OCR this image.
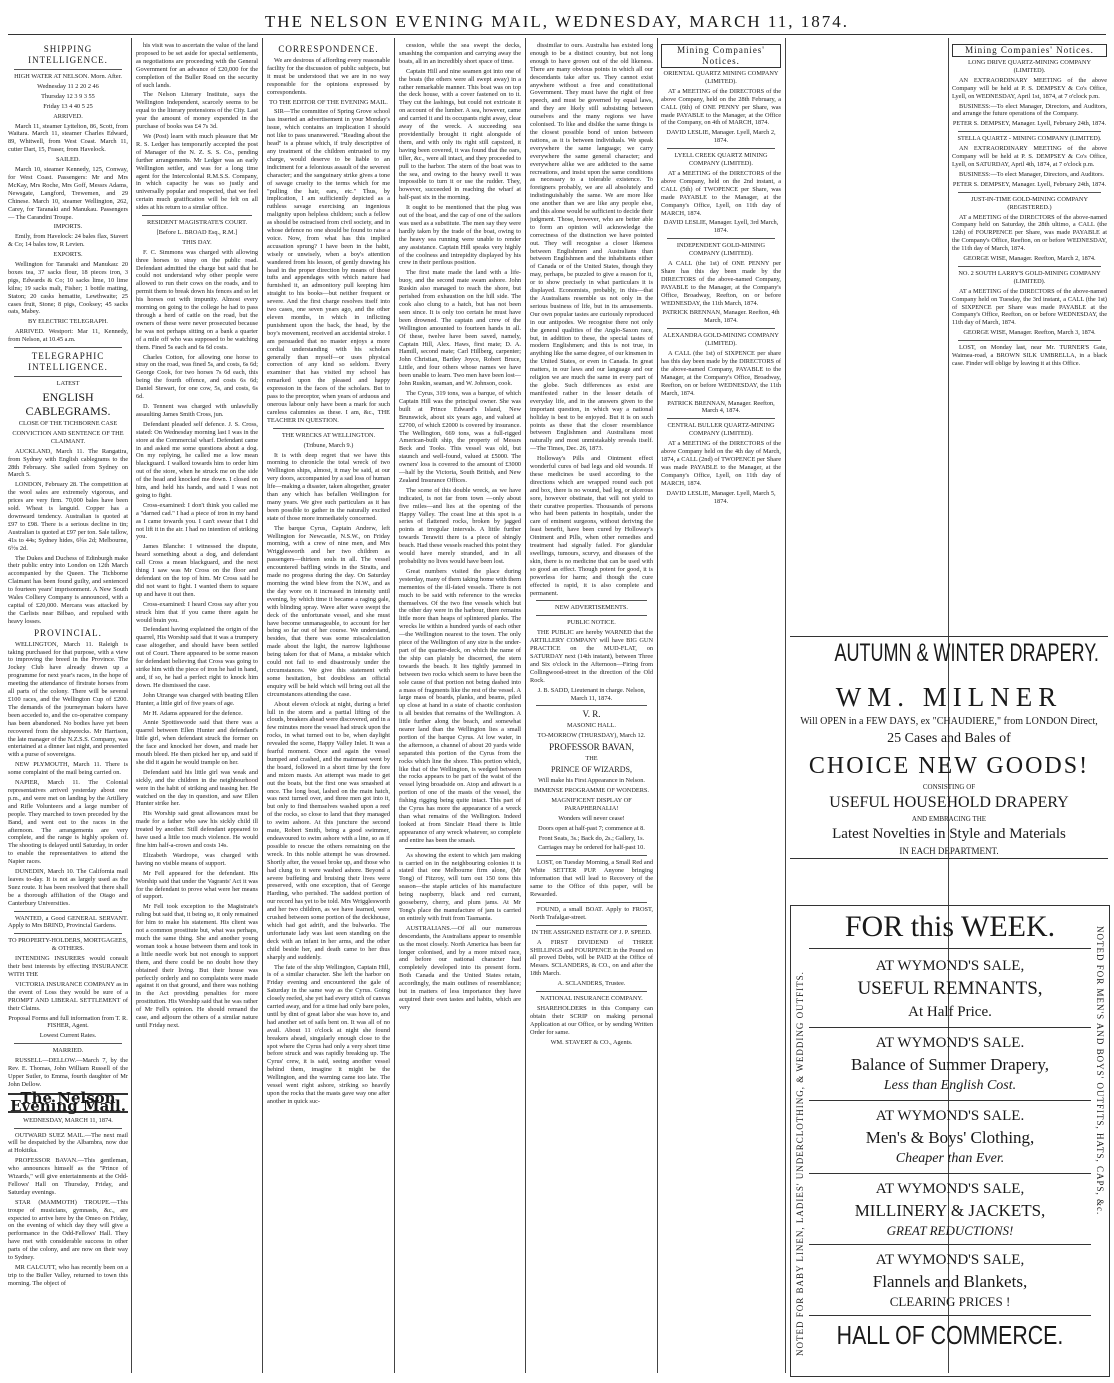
THE NELSON EVENING MAIL, WEDNESDAY, MARCH 11, 1874.
SHIPPING INTELLIGENCE.

HIGH WATER AT NELSON. Morn. After.

Wednesday 11 2 20 2 46

Thursday 12 3 9 3 55

Friday 13 4 40 5 25

ARRIVED.

March 11, steamer Lyttelton, 86, Scott, from Waitara. March 11, steamer Charles Edward, 89, Whitwell, from West Coast. March 11, cutter Dart, 15, Fraser, from Havelock.

SAILED.

March 10, steamer Kennedy, 125, Conway, for West Coast. Passengers: Mr and Mrs McKay, Mrs Roche, Mrs Goff, Messrs Adams, Newsgate, Langford, Trewemen, and 29 Chinese. March 10, steamer Wellington, 262, Carey, for Taranaki and Manukau. Passengers — The Carandini Troupe.

IMPORTS.

Emily, from Havelock: 24 bales flax, Stavert & Co; 14 bales tow, R Levien.

EXPORTS.

Wellington for Taranaki and Manukau: 20 boxes tea, 37 sacks flour, 18 pieces iron, 3 pigs, Edwards & Co; 10 sacks lime, 10 lime kilns; 19 sacks malt, Fisher; 1 bottle matting, Staton; 20 casks hematite, Lewthwaite; 25 cases fruit, Stone; 8 pigs, Cooksey; 45 sacks oats, Mabey.

BY ELECTRIC TELEGRAPH.

ARRIVED. Westport: Mar 11, Kennedy, from Nelson, at 10.45 a.m.

TELEGRAPHIC INTELLIGENCE.

LATEST

ENGLISH CABLEGRAMS.

CLOSE OF THE TICHBORNE CASE

CONVICTION AND SENTENCE OF THE CLAIMANT.

AUCKLAND, March 11. The Rangatira, from Sydney with English cablegrams to the 28th February. She sailed from Sydney on March 5.

LONDON, February 28. The competition at the wool sales are extremely vigorous, and prices are very firm. 70,000 bales have been sold. Wheat is languid. Copper has a downward tendency. Australian is quoted at £97 to £98. There is a serious decline in tin; Australian is quoted at £97 per ton. Sale tallow, 41s to 44s; Sydney hides, 6¾s 2d; Melbourne, 6½s 2d.

The Dukes and Duchess of Edinburgh make their public entry into London on 12th March accompanied by the Queen. The Tichborne Claimant has been found guilty, and sentenced to fourteen years' imprisonment. A New South Wales Colliery Company is announced, with a capital of £20,000. Mercara was attacked by the Carlists near Bilbao, and repulsed with heavy losses.

PROVINCIAL.

WELLINGTON, March 11. Raleigh is taking purchased for that purpose, with a view to improving the breed in the Province. The Jockey Club have already drawn up a programme for next year's races, in the hope of meeting the attendance of firstrate horses from all parts of the colony. There will be several £100 races, and the Wellington Cup of £200. The demands of the journeyman bakers have been acceded to, and the co-operative company has been abandoned. No bodies have yet been recovered from the shipwrecks. Mr Harrison, the late manager of the N.Z.S.S. Company, was entertained at a dinner last night, and presented with a purse of sovereigns.

NEW PLYMOUTH, March 11. There is some complaint of the mail being carried on.

NAPIER, March 11. The Colonial representatives arrived yesterday about one p.m., and were met on landing by the Artillery and Rifle Volunteers and a large number of people. They marched to town preceded by the Band, and went out to the races in the afternoon. The arrangements are very complete, and the range is highly spoken of. The shooting is delayed until Saturday, in order to enable the representatives to attend the Napier races.

DUNEDIN, March 10. The California mail leaves to-day. It is not as largely used as the Suez route. It has been resolved that there shall be a thorough affiliation of the Otago and Canterbury Universities.

WANTED, a Good GENERAL SERVANT. Apply to Mrs BRIND, Provincial Gardens.

TO PROPERTY-HOLDERS, MORTGAGEES, & OTHERS.

INTENDING INSURERS would consult their best interests by effecting INSURANCE WITH THE

VICTORIA INSURANCE COMPANY as in the event of Loss they would be sure of a PROMPT AND LIBERAL SETTLEMENT of their Claims.

Proposal Forms and full information from T. R. FISHER, Agent.

Lowest Current Rates.

MARRIED.

RUSSELL—DELLOW.—March 7, by the Rev. E. Thomas, John William Russell of the Upper Sutler, to Emma, fourth daughter of Mr John Dellow.

The Nelson Evening Mail.

WEDNESDAY, MARCH 11, 1874.

OUTWARD SUEZ MAIL.—The next mail will be despatched by the Albambra, now due at Hokitika.

PROFESSOR BAVAN.—This gentleman, who announces himself as the "Prince of Wizards," will give entertainments at the Odd-Fellows' Hall on Thursday, Friday, and Saturday evenings.

STAR (MAMMOTH) TROUPE.—This troupe of musicians, gymnasts, &c., are expected to arrive here by the Omeo on Friday, on the evening of which day they will give a performance in the Odd-Fellows' Hall. They have met with considerable success in other parts of the colony, and are now on their way to Sydney.

MR CALCUTT, who has recently been on a trip to the Buller Valley, returned to town this morning. The object of

his visit was to ascertain the value of the land proposed to be set aside for special settlements, as negotiations are proceeding with the General Government for an advance of £20,000 for the completion of the Buller Road on the security of such lands.

The Nelson Literary Institute, says the Wellington Independent, scarcely seems to be equal to the literary pretensions of the City. Last year the amount of money expended in the purchase of books was £4 7s 3d.

We (Post) learn with much pleasure that Mr R. S. Ledger has temporarily accepted the post of Manager of the N. Z. S. S. Co., pending further arrangements. Mr Ledger was an early Wellington settler, and was for a long time agent for the Intercolonial R.M.S.S. Company, in which capacity he was so justly and universally popular and respected, that we feel certain much gratification will be felt on all sides at his return to a similar office.

RESIDENT MAGISTRATE'S COURT.

[Before L. BROAD Esq., R.M.]

THIS DAY.

F. C. Simmons was charged with allowing three horses to stray on the public road. Defendant admitted the charge but said that he could not understand why other people were allowed to run their cows on the roads, and to permit them to break down his fences and so let his horses out with impunity. Almost every morning on going to the college he had to pass through a herd of cattle on the road, but the owners of these were never prosecuted because he was not perhaps sitting on a bank a quarter of a mile off who was supposed to be watching them. Fined 5s each and 6s 6d costs.

Charles Cotton, for allowing one horse to stray on the road, was fined 5s, and costs, 6s 6d; George Cook, for two horses 7s 6d each, this being the fourth offence, and costs 6s 6d; Daniel Stewart, for one cow, 5s, and costs, 6s 6d.

D. Tennent was charged with unlawfully assaulting James Smith Cross, jun.

Defendant pleaded self defence. J. S. Cross, stated: On Wednesday morning last I was in the store at the Commercial wharf. Defendant came in and asked me some questions about a dog. On my replying, he called me a low mean blackguard. I walked towards him to order him out of the store, when he struck me on the side of the head and knocked me down. I closed on him, and held his hands, and said I was not going to fight.

Cross-examined: I don't think you called me a "darned cad." I had a piece of iron in my hand as I came towards you. I can't swear that I did not lift it in the air. I had no intention of striking you.

James Blanche: I witnessed the dispute, heard something about a dog, and defendant call Cross a mean blackguard, and the next thing I saw was Mr Cross on the floor and defendant on the top of him. Mr Cross said he did not want to fight. I wanted them to square up and have it out then.

Cross-examined: I heard Cross say after you struck him that if you came there again he would brain you.

Defendant having explained the origin of the quarrel, His Worship said that it was a trumpery case altogether, and should have been settled out of Court. There appeared to be some reason for defendant believing that Cross was going to strike him with the piece of iron he had in hand, and, if so, he had a perfect right to knock him down. He dismissed the case.

John Utrange was charged with beating Ellen Hunter, a little girl of five years of age.

Mr H. Adams appeared for the defence.

Annie Spottiswoode said that there was a quarrel between Ellen Hunter and defendant's little girl, when defendant struck the former on the face and knocked her down, and made her mouth bleed. He then picked her up, and said if she did it again he would trample on her.

Defendant said his little girl was weak and sickly, and the children in the neighbourhood were in the habit of striking and teasing her. He watched on the day in question, and saw Ellen Hunter strike her.

His Worship said great allowances must be made for a father who saw his sickly child ill treated by another. Still defendant appeared to have used a little too much violence. He would fine him half-a-crown and costs 14s.

Elizabeth Wardrope, was charged with having no visible means of support.

Mr Fell appeared for the defendant. His Worship said that under the Vagrants' Act it was for the defendant to prove what were her means of support.

Mr Fell took exception to the Magistrate's ruling but said that, it being so, it only remained for him to make his statement. His client was not a common prostitute but, what was perhaps, much the same thing. She and another young woman took a house between them and took in a little needle work but not enough to support them, and there could be no doubt how they obtained their living. But their house was perfectly orderly and no complaints were made against it on that ground, and there was nothing in the Act providing penalties for more prostitution. His Worship said that he was rather of Mr Fell's opinion. He should remand the case, and adjourn the others of a similar nature until Friday next.

CORRESPONDENCE.

We are desirous of affording every reasonable facility for the discussion of public subjects, but it must be understood that we are in no way responsible for the opinions expressed by correspondents.

TO THE EDITOR OF THE EVENING MAIL.

SIR—The committee of Spring Grove school has inserted an advertisement in your Monday's issue, which contains an implication I should not like to pass unanswered. "Reading about the head" is a phrase which, if truly descriptive of any treatment of the children entrusted to my charge, would deserve to be liable to an indictment for a felonious assault of the severest character; and the sanguinary strike gives a tone of savage cruelty to the terms which for me "pulling the hair, ears, etc." Thus, by implication, I am sufficiently depicted as a ruthless savage exercising an ingenious malignity upon helpless children; such a fellow as should be ostracised from civil society, and in whose defence no one should be found to raise a voice. Now, from what has this implied accusation sprung? I have been in the habit, wisely or unwisely, when a boy's attention wandered from his lesson, of gently drawing his head in the proper direction by means of those tufts and appendages with which nature had furnished it, an admonitory pull keeping him straight to his books—but neither frequent or severe. And the first charge resolves itself into two cases, one seven years ago, and the other eleven months, in which in inflicting punishment upon the back, the head, by the boy's movement, received an accidental stroke. I am persuaded that no master enjoys a more cordial understanding with his scholars generally than myself—or uses physical correction of any kind so seldom. Every examiner that has visited my school has remarked upon the pleased and happy expression in the faces of the scholars. But to pass to the preceptor, when years of arduous and onerous labour only have been a mark for such careless calumnies as these. I am, &c., THE TEACHER IN QUESTION.

THE WRECKS AT WELLINGTON.

(Tribune, March 9.)

It is with deep regret that we have this morning to chronicle the total wreck of two Wellington ships, almost, it may be said, at our very doors, accompanied by a sad loss of human life—making a disaster, taken altogether, greater than any which has befallen Wellington for many years. We give such particulars as it has been possible to gather in the naturally excited state of those more immediately concerned.

The barque Cyrus, Captain Andrew, left Wellington for Newcastle, N.S.W., on Friday morning, with a crew of nine men, and Mrs Wrigglesworth and her two children as passengers—thirteen souls in all. The vessel encountered baffling winds in the Straits, and made no progress during the day. On Saturday morning the wind blew from the N.W., and as the day wore on it increased in intensity until evening, by which time it became a raging gale, with blinding spray. Wave after wave swept the deck of the unfortunate vessel, and she must have become unmanageable, to account for her being so far out of her course. We understand, besides, that there was some miscalculation made about the light, the narrow lighthouse being taken for that of Mana, a mistake which could not fail to end disastrously under the circumstances. We give this statement with some hesitation, but doubtless an official enquiry will be held which will bring out all the circumstances attending the case.

About eleven o'clock at night, during a brief lull in the storm and a partial lifting of the clouds, breakers ahead were discovered, and in a few minutes more the vessel had struck upon the rocks, in what turned out to be, when daylight revealed the scene, Happy Valley Inlet. It was a fearful moment. Once and again the vessel bumped and crashed, and the mainmast went by the board, followed in a short time by the fore and mizen masts. An attempt was made to get out the boats, but the first one was smashed at once. The long boat, lashed on the main hatch, was next turned over, and three men got into it, but only to find themselves washed upon a reef of the rocks, so close to land that they managed to swim ashore. At this juncture the second mate, Robert Smith, being a good swimmer, endeavoured to swim ashore with a line, so as if possible to rescue the others remaining on the wreck. In this noble attempt he was drowned. Shortly after, the vessel broke up, and those who had clung to it were washed ashore. Beyond a severe buffeting and bruising their lives were preserved, with one exception, that of George Harding, who perished. The saddest portion of our record has yet to be told. Mrs Wrigglesworth and her two children, as we have learned, were crushed between some portion of the deckhouse, which had got adrift, and the bulwarks. The unfortunate lady was last seen standing on the deck with an infant in her arms, and the other child beside her, and death came to her thus sharply and suddenly.

The fate of the ship Wellington, Captain Hill, is of a similar character. She left the harbor on Friday evening and encountered the gale of Saturday in the same way as the Cyrus. Going closely reefed, she yet had every stitch of canvas carried away, and for a time had only bare poles, until by dint of great labor she was hove to, and had another set of sails bent on. It was all of no avail. About 11 o'clock at night she found breakers ahead, singularly enough close to the spot where the Cyrus had only a very short time before struck and was rapidly breaking up. The Cyrus' crew, it is said, seeing another vessel behind them, imagine it might be the Wellington, and the warning came too late. The vessel went right ashore, striking so heavily upon the rocks that the masts gave way one after another in quick suc-

cession, while the sea swept the decks, smashing the companion and carrying away the boats, all in an incredibly short space of time.

Captain Hill and nine seamen got into one of the boats (the others were all swept away) in a rather remarkable manner. This boat was on top the deck house, with a cover fastened on to it. They cut the lashings, but could not extricate it on account of the lumber. A sea, however, came and carried it and its occupants right away, clear away of the wreck. A succeeding sea providentially brought it right alongside of them, and with only its right still capsized, it having been covered, it was found that the oars, tiller, &c., were all intact, and they proceeded to pull to the harbor. The stern of the boat was to the sea, and owing to the heavy swell it was impossible to turn it or use the rudder. They, however, succeeded in reaching the wharf at half-past six in the morning.

It ought to be mentioned that the plug was out of the boat, and the cap of one of the sailors was used as a substitute. The men say they were hardly taken by the trade of the boat, owing to the heavy sea running were unable to render any assistance. Captain Hill speaks very highly of the coolness and intrepidity displayed by his crew in their perilous position.

The first mate made the land with a life-buoy, and the second mate swam ashore. John Ruskin also managed to reach the shore, but perished from exhaustion on the hill side. The cook also clung to a hatch, but has not been seen since. It is only too certain he must have been drowned. The captain and crew of the Wellington amounted to fourteen hands in all. Of these, twelve have been saved, namely, Captain Hill, Alex. Haws, first mate; D. A. Hamill, second mate; Carl Hillberg, carpenter; John Christian, Bartley Joyce, Robert Bruce, Little, and four others whose names we have been unable to learn. Two men have been lost—John Ruskin, seaman, and W. Johnson, cook.

The Cyrus, 319 tons, was a barque, of which Captain Hill was the principal owner. She was built at Prince Edward's Island, New Brunswick, about six years ago, and valued at £2700, of which £2000 is covered by insurance. The Wellington, 669 tons, was a full-rigged American-built ship, the property of Messrs Beck and Tooks. This vessel was old, but staunch and well-found, valued at £5000. The owners' loss is covered to the amount of £3000—half by the Victoria, South British, and New Zealand Insurance Offices.

The scene of this double wreck, as we have indicated, is not far from town —only about five miles—and lies at the opening of the Happy Valley. The coast line at this spot is a series of flattened rocks, broken by jagged points at irregular intervals. A little further towards Terawiti there is a piece of shingly beach. Had these vessels reached this point they would have merely stranded, and in all probability no lives would have been lost.

Great numbers visited the place during yesterday, many of them taking home with them mementos of the ill-fated vessels. There is not much to be said with reference to the wrecks themselves. Of the two fine vessels which but the other day were in the harbour, there remains little more than heaps of splintered planks. The wrecks lie within a hundred yards of each other—the Wellington nearest to the town. The only piece of the Wellington of any size is the under-part of the quarter-deck, on which the name of the ship can plainly be discerned, the stern towards the beach. It lies tightly jammed in between two rocks which seem to have been the sole cause of that portion not being dashed into a mass of fragments like the rest of the vessel. A large mass of boards, planks, and beams, piled up close at hand in a state of chaotic confusion is all besides that remains of the Wellington. A little further along the beach, and somewhat nearer land than the Wellington lies a small portion of the barque Cyrus. At low water, in the afternoon, a channel of about 20 yards wide separated this portion of the Cyrus from the rocks which line the shore. This portion which, like that of the Wellington, is wedged between the rocks appears to be part of the waist of the vessel lying broadside on. Atop and athwart is a portion of one of the masts of the vessel, the fishing rigging being quite intact. This part of the Cyrus has more the appearance of a wreck than what remains of the Wellington. Indeed looked at from Sinclair Head there is little appearance of any wreck whatever, so complete and entire has been the smash.

As showing the extent to which jam making is carried on in the neighbouring colonies it is stated that one Melbourne firm alone, (Mr Tong) of Fitzroy, will turn out 150 tons this season—the staple articles of his manufacture being raspberry, black and red currant, gooseberry, cherry, and plum jams. At Mr Tong's place the manufacture of jam is carried on entirely with fruit from Tasmania.

AUSTRALIANS.—Of all our numerous descendants, the Australians appear to resemble us the most closely. North America has been far longer colonised, and by a more mixed race, and before our national character had completely developed into its present form. Both Canada and the United States retain, accordingly, the main outlines of resemblance; but in matters of less importance they have acquired their own tastes and habits, which are very

dissimilar to ours. Australia has existed long enough to be a distinct country, but not long enough to have grown out of the old likeness. There are many obvious points in which all our descendants take after us. They cannot exist anywhere without a free and constitutional Government. They must have the right of free speech, and must be governed by equal laws, and they are likely still subsisting between ourselves and the many regions we have colonised. To like and dislike the same things is the closest possible bond of union between nations, as it is between individuals. We speak everywhere the same language; we carry everywhere the same general character; and everywhere alike we are addicted to the same recreations, and insist upon the same conditions as necessary to a tolerable existence. To foreigners probably, we are all absolutely and indistinguishably the same. We are more like one another than we are like any people else, and this alone would be sufficient to decide their judgment. Those, however, who are better able to form an opinion will acknowledge the correctness of the distinction we have pointed out. They will recognise a closer likeness between Englishmen and Australians than between Englishmen and the inhabitants either of Canada or of the United States, though they may, perhaps, be puzzled to give a reason for it, or to show precisely in what particulars it is displayed. Economists, probably, in this—that the Australians resemble us not only in the serious business of life, but in its amusements. Our own popular tastes are curiously reproduced in our antipodes. We recognise there not only the general qualities of the Anglo-Saxon race, but, in addition to these, the special tastes of modern Englishmen; and this is not true, in anything like the same degree, of our kinsmen in the United States, or even in Canada. In great matters, in our laws and our language and our religion we are much the same in every part of the globe. Such differences as exist are manifested rather in the lesser details of everyday life, and in the answers given to the important question, in which way a national holiday is best to be enjoyed. But it is on such points as these that the closer resemblance between Englishmen and Australians most naturally and most unmistakably reveals itself.—The Times, Dec. 26, 1873.

Holloway's Pills and Ointment effect wonderful cures of bad legs and old wounds. If these medicines be used according to the directions which are wrapped round each pot and box, there is no wound, bad leg, or ulcerous sore, however obstinate, that will not yield to their curative properties. Thousands of persons who had been patients in hospitals, under the care of eminent surgeons, without deriving the least benefit, have been cured by Holloway's Ointment and Pills, when other remedies and treatment had signally failed. For glandular swellings, tumours, scurvy, and diseases of the skin, there is no medicine that can be used with so good an effect. Though potent for good, it is powerless for harm; and though the cure effected is rapid, it is also complete and permanent.

NEW ADVERTISEMENTS.

PUBLIC NOTICE.

THE PUBLIC are hereby WARNED that the ARTILLERY COMPANY will have BIG GUN PRACTICE on the MUD-FLAT, on SATURDAY next (14th instant), between Three and Six o'clock in the Afternoon—Firing from Collingwood-street in the direction of the Old Rock.

J. B. SADD, Lieutenant in charge. Nelson, March 11, 1874.

V. R.

MASONIC HALL.

TO-MORROW (THURSDAY), March 12.

PROFESSOR BAVAN,

THE

PRINCE OF WIZARDS,

Will make his First Appearance in Nelson.

IMMENSE PROGRAMME OF WONDERS.

MAGNIFICENT DISPLAY OF PARAPHERNALIA!

Wonders will never cease!

Doors open at half-past 7; commence at 8.

Front Seats, 3s.; Back do, 2s.; Gallery, 1s.

Carriages may be ordered for half-past 10.

LOST, on Tuesday Morning, a Small Red and White SETTER PUP. Anyone bringing information that will lead to Recovery of the same to the Office of this paper, will be Rewarded.

FOUND, a small BOAT. Apply to FROST, North Trafalgar-street.

IN THE ASSIGNED ESTATE OF J. P. SPEED.

A FIRST DIVIDEND of THREE SHILLINGS and FOURPENCE in the Pound on all proved Debts, will be PAID at the Office of Messrs. SCLANDERS, & CO., on and after the 18th March.

A. SCLANDERS, Trustee.

NATIONAL INSURANCE COMPANY.

SHAREHOLDERS in this Company can obtain their SCRIP on making personal Application at our Office, or by sending Written Order for same.

WM. STAVERT & CO., Agents.

Mining Companies' Notices.

ORIENTAL QUARTZ MINING COMPANY (LIMITED).

AT a MEETING of the DIRECTORS of the above Company, held on the 28th February, a CALL (6th) of ONE PENNY per Share, was made PAYABLE to the Manager, at the Office of the Company, on 4th of MARCH, 1874.

DAVID LESLIE, Manager. Lyell, March 2, 1874.

LYELL CREEK QUARTZ MINING COMPANY (LIMITED).

AT a MEETING of the DIRECTORS of the above Company, held on the 2nd instant, a CALL (5th) of TWOPENCE per Share, was made PAYABLE to the Manager, at the Company's Office, Lyell, on 11th day of MARCH, 1874.

DAVID LESLIE, Manager. Lyell, 3rd March, 1874.

INDEPENDENT GOLD-MINING COMPANY (LIMITED).

A CALL (the 1st) of ONE PENNY per Share has this day been made by the DIRECTORS of the above-named Company, PAYABLE to the Manager, at the Company's Office, Broadway, Reefton, on or before WEDNESDAY, the 11th March, 1874.

PATRICK BRENNAN, Manager. Reefton, 4th March, 1874.

ALEXANDRA GOLD-MINING COMPANY (LIMITED).

A CALL (the 1st) of SIXPENCE per share has this day been made by the DIRECTORS of the above-named Company, PAYABLE to the Manager, at the Company's Office, Broadway, Reefton, on or before WEDNESDAY, the 11th March, 1874.

PATRICK BRENNAN, Manager. Reefton, March 4, 1874.

CENTRAL BULLER QUARTZ-MINING COMPANY (LIMITED).

AT a MEETING of the DIRECTORS of the above Company held on the 4th day of March, 1874, a CALL (2nd) of TWOPENCE per Share was made PAYABLE to the Manager, at the Company's Office, Lyell, on 11th day of MARCH, 1874.

DAVID LESLIE, Manager. Lyell, March 5, 1874.

Mining Companies' Notices.

LONG DRIVE QUARTZ-MINING COMPANY (LIMITED).

AN EXTRAORDINARY MEETING of the above Company will be held at P. S. DEMPSEY & Co's Office, Lyell, on WEDNESDAY, April 1st, 1874, at 7 o'clock p.m.

BUSINESS:—To elect Manager, Directors, and Auditors, and arrange the future operations of the Company.

PETER S. DEMPSEY, Manager. Lyell, February 24th, 1874.

STELLA QUARTZ - MINING COMPANY (LIMITED).

AN EXTRAORDINARY MEETING of the above Company will be held at P. S. DEMPSEY & Co's Office, Lyell, on SATURDAY, April 4th, 1874, at 7 o'clock p.m.

BUSINESS:—To elect Manager, Directors, and Auditors.

PETER S. DEMPSEY, Manager. Lyell, February 24th, 1874.

JUST-IN-TIME GOLD-MINING COMPANY (REGISTERED.)

AT a MEETING of the DIRECTORS of the above-named Company held on Saturday, the 28th ultimo, a CALL (the 12th) of FOURPENCE per Share, was made PAYABLE at the Company's Office, Reefton, on or before WEDNESDAY, the 11th day of March, 1874.

GEORGE WISE, Manager. Reefton, March 2, 1874.

NO. 2 SOUTH LARRY'S GOLD-MINING COMPANY (LIMITED).

AT a MEETING of the DIRECTORS of the above-named Company held on Tuesday, the 3rd instant, a CALL (the 1st) of SIXPENCE per Share was made PAYABLE at the Company's Office, Reefton, on or before WEDNESDAY, the 11th day of March, 1874.

GEORGE WISE, Manager. Reefton, March 3, 1874.

LOST, on Monday last, near Mr. TURNER'S Gate, Waimea-road, a BROWN SILK UMBRELLA, in a black case. Finder will oblige by leaving it at this Office.

AUTUMN & WINTER DRAPERY.
WM. MILNER
Will OPEN in a FEW DAYS, ex "CHAUDIERE," from LONDON Direct,
25 Cases and Bales of
CHOICE NEW GOODS!
CONSISTING OF
USEFUL HOUSEHOLD DRAPERY
AND EMBRACING THE
Latest Novelties in Style and Materials
IN EACH DEPARTMENT.
NOTED FOR BABY LINEN, LADIES' UNDERCLOTHING, & WEDDING OUTFITS.	NOTED FOR MEN'S AND BOYS' OUTFITS, HATS, CAPS, &c.
FOR this WEEK.
AT WYMOND'S SALE,
USEFUL REMNANTS,
At Half Price.
AT WYMOND'S SALE.
Balance of Summer Drapery,
Less than English Cost.
AT WYMOND'S SALE.
Men's & Boys' Clothing,
Cheaper than Ever.
AT WYMOND'S SALE,
MILLINERY & JACKETS,
GREAT REDUCTIONS!
AT WYMOND'S SALE,
Flannels and Blankets,
CLEARING PRICES !
HALL OF COMMERCE.
